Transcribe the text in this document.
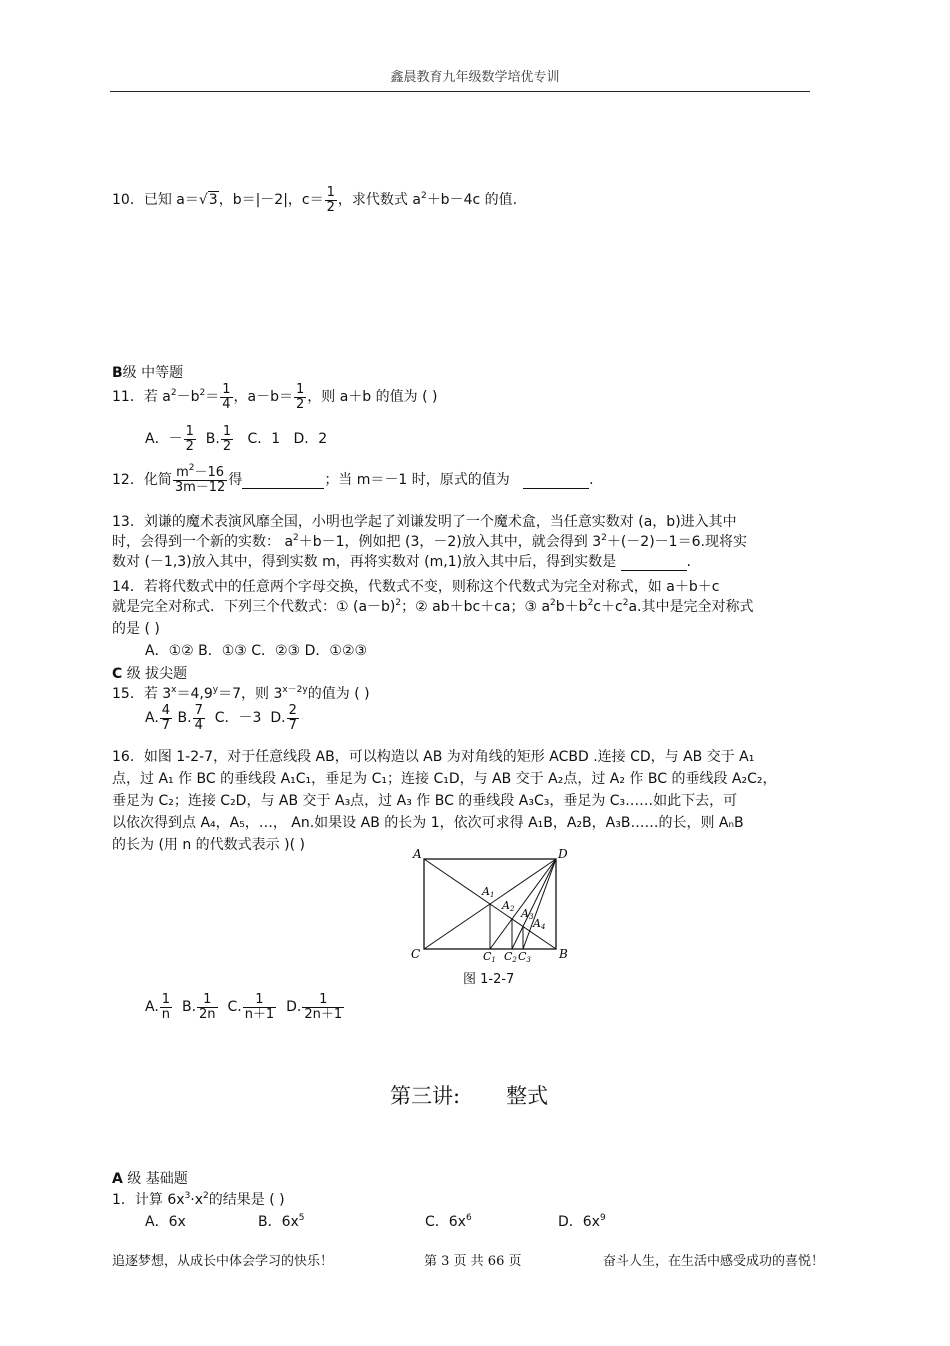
鑫晨教育九年级数学培优专训
10．已知 a＝√3，b＝|－2|，$c= \frac{1}{2}$ ，求代数式 $a^2+b-4c$ 的值.
B级 中等题
11．若 $a^2-b^2= \frac{1}{4}$ ，$a-b= \frac{1}{2}$ ，则 a＋b 的值为 ( )
A．－ $\frac{1}{2} B$. $\frac{1}{2}$ C．1 D．2
12．化简 $\frac{m^2-16}{3m-12}$ 得	；当 m＝－1 时，原式的值为	.
13．刘谦的魔术表演风靡全国，小明也学起了刘谦发明了一个魔术盒，当任意实数对 (a，b)进入其中
时，会得到一个新的实数： $a^2+b-1$，例如把 (3，－2)放入其中，就会得到 $3^2+(-2)-1=6$.现将实
数对 (－1,3)放入其中，得到实数 m，再将实数对 (m,1)放入其中后，得到实数是	.
14．若将代数式中的任意两个字母交换，代数式不变，则称这个代数式为完全对称式，如 a＋b＋c
就是完全对称式．下列三个代数式：① $(a-b)^2$；② ab＋bc＋ca；③ $a^2b+b^2c+c^2a$.其中是完全对称式
的是 ( )
A．①② B．①③ C．②③ D．①②③
C 级 拔尖题
15．若 $3^x=4,9^y=7$，则 $3^{x-2y}$的值为 ( )
A. $\frac{4}{7} B$. $\frac{7}{4}$ C．－3 D. $\frac{2}{7}$
16．如图 1-2-7，对于任意线段 AB，可以构造以 AB 为对角线的矩形 ACBD .连接 CD，与 AB 交于 A₁
点，过 A₁ 作 BC 的垂线段 A₁C₁，垂足为 C₁；连接 C₁D，与 AB 交于 A₂点，过 A₂ 作 BC 的垂线段 A₂C₂，
垂足为 C₂；连接 C₂D，与 AB 交于 A₃点，过 A₃ 作 BC 的垂线段 A₃C₃，垂足为 C₃……如此下去，可
以依次得到点 A₄，A₅，…， An.如果设 AB 的长为 1，依次可求得 A₁B，A₂B，A₃B……的长，则 AₙB
的长为 (用 n 的代数式表示 )( )
A	D
C	B
A1
A2 A3 A4
C1 C2 C3
图 1-2-7
A. $\frac{1}{n} B$. $\frac{1}{2n} C$. $\frac{1}{n+1} D$. $\frac{1}{2n+1}$
第三讲: 整式
A 级 基础题
1．计算 $6x^3\cdot x^2$的结果是 ( )
A．6x	B．$6x^5$	C．$6x^6$	D．$6x^9$
追逐梦想，从成长中体会学习的快乐！	第 3 页 共 66 页	奋斗人生，在生活中感受成功的喜悦！
